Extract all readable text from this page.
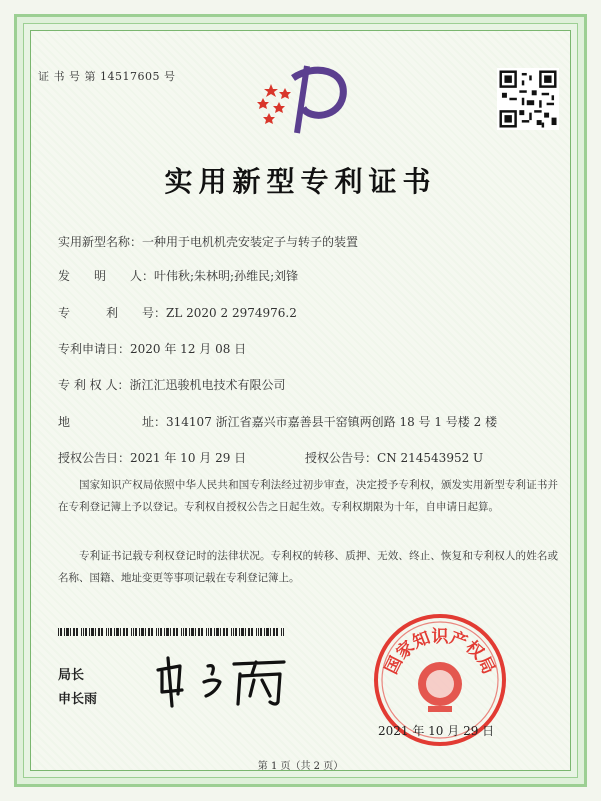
证 书 号 第 14517605 号
实用新型专利证书
实用新型名称：一种用于电机机壳安装定子与转子的装置
发　　明　　人：叶伟秋;朱林明;孙维民;刘锋
专　　　利　　号：ZL 2020 2 2974976.2
专利申请日：2020 年 12 月 08 日
专 利 权 人：浙江汇迅骏机电技术有限公司
地　　　　　　址：314107 浙江省嘉兴市嘉善县干窑镇两创路 18 号 1 号楼 2 楼
授权公告日：2021 年 10 月 29 日	授权公告号：CN 214543952 U
国家知识产权局依照中华人民共和国专利法经过初步审查，决定授予专利权，颁发实用新型专利证书并在专利登记簿上予以登记。专利权自授权公告之日起生效。专利权期限为十年，自申请日起算。
专利证书记载专利权登记时的法律状况。专利权的转移、质押、无效、终止、恢复和专利权人的姓名或名称、国籍、地址变更等事项记载在专利登记簿上。
局长
申长雨
国家知识产权局
2021 年 10 月 29 日
第 1 页（共 2 页）
